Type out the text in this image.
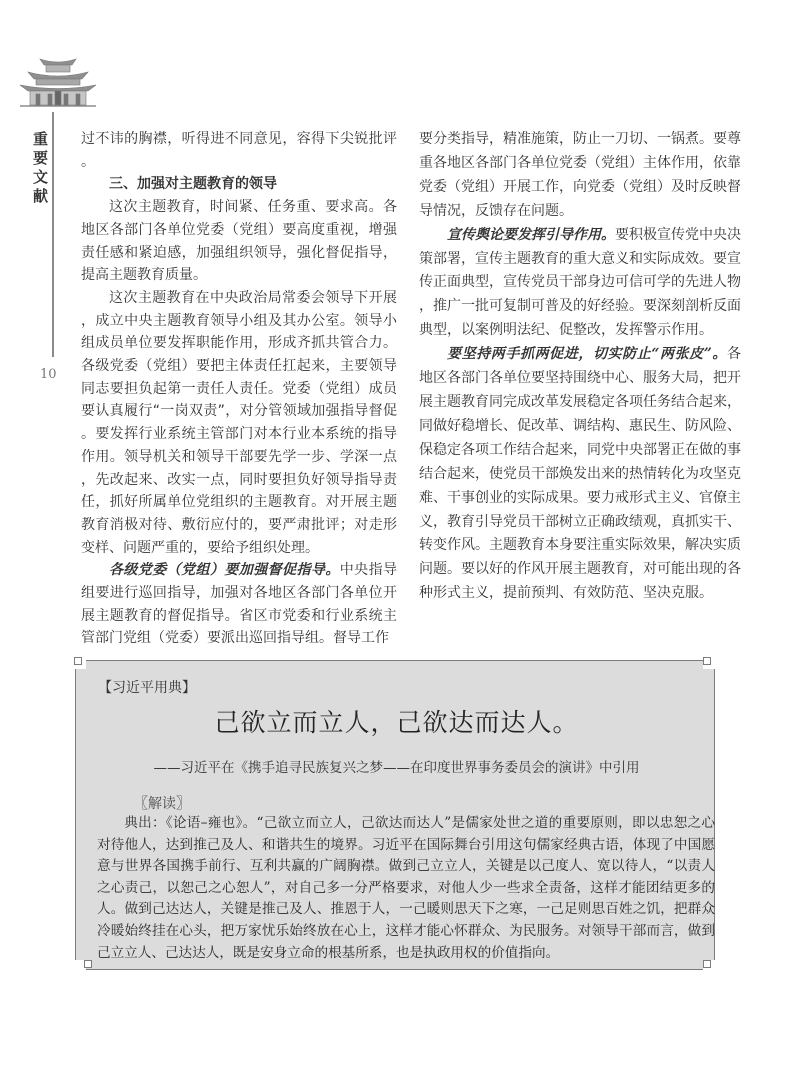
重要文献
10

过不讳的胸襟，听得进不同意见，容得下尖锐批评。

三、加强对主题教育的领导

这次主题教育，时间紧、任务重、要求高。各地区各部门各单位党委（党组）要高度重视，增强责任感和紧迫感，加强组织领导，强化督促指导，提高主题教育质量。

这次主题教育在中央政治局常委会领导下开展，成立中央主题教育领导小组及其办公室。领导小组成员单位要发挥职能作用，形成齐抓共管合力。各级党委（党组）要把主体责任扛起来，主要领导同志要担负起第一责任人责任。党委（党组）成员要认真履行“一岗双责”，对分管领域加强指导督促。要发挥行业系统主管部门对本行业本系统的指导作用。领导机关和领导干部要先学一步、学深一点，先改起来、改实一点，同时要担负好领导指导责任，抓好所属单位党组织的主题教育。对开展主题教育消极对待、敷衍应付的，要严肃批评；对走形变样、问题严重的，要给予组织处理。

各级党委（党组）要加强督促指导。中央指导组要进行巡回指导，加强对各地区各部门各单位开展主题教育的督促指导。省区市党委和行业系统主管部门党组（党委）要派出巡回指导组。督导工作

要分类指导，精准施策，防止一刀切、一锅煮。要尊重各地区各部门各单位党委（党组）主体作用，依靠党委（党组）开展工作，向党委（党组）及时反映督导情况，反馈存在问题。

宣传舆论要发挥引导作用。要积极宣传党中央决策部署，宣传主题教育的重大意义和实际成效。要宣传正面典型，宣传党员干部身边可信可学的先进人物，推广一批可复制可普及的好经验。要深刻剖析反面典型，以案例明法纪、促整改，发挥警示作用。

要坚持两手抓两促进，切实防止“两张皮”。各地区各部门各单位要坚持围绕中心、服务大局，把开展主题教育同完成改革发展稳定各项任务结合起来，同做好稳增长、促改革、调结构、惠民生、防风险、保稳定各项工作结合起来，同党中央部署正在做的事结合起来，使党员干部焕发出来的热情转化为攻坚克难、干事创业的实际成果。要力戒形式主义、官僚主义，教育引导党员干部树立正确政绩观，真抓实干、转变作风。主题教育本身要注重实际效果，解决实质问题。要以好的作风开展主题教育，对可能出现的各种形式主义，提前预判、有效防范、坚决克服。

【习近平用典】
己欲立而立人，己欲达而达人。
——习近平在《携手追寻民族复兴之梦——在印度世界事务委员会的演讲》中引用
〖解读〗

典出：《论语–雍也》。“己欲立而立人，己欲达而达人”是儒家处世之道的重要原则，即以忠恕之心对待他人，达到推己及人、和谐共生的境界。习近平在国际舞台引用这句儒家经典古语，体现了中国愿意与世界各国携手前行、互利共赢的广阔胸襟。做到己立立人，关键是以己度人、宽以待人，“以责人之心责己，以恕己之心恕人”，对自己多一分严格要求，对他人少一些求全责备，这样才能团结更多的人。做到己达达人，关键是推己及人、推恩于人，一己暖则思天下之寒，一己足则思百姓之饥，把群众冷暖始终挂在心头，把万家忧乐始终放在心上，这样才能心怀群众、为民服务。对领导干部而言，做到己立立人、己达达人，既是安身立命的根基所系，也是执政用权的价值指向。
